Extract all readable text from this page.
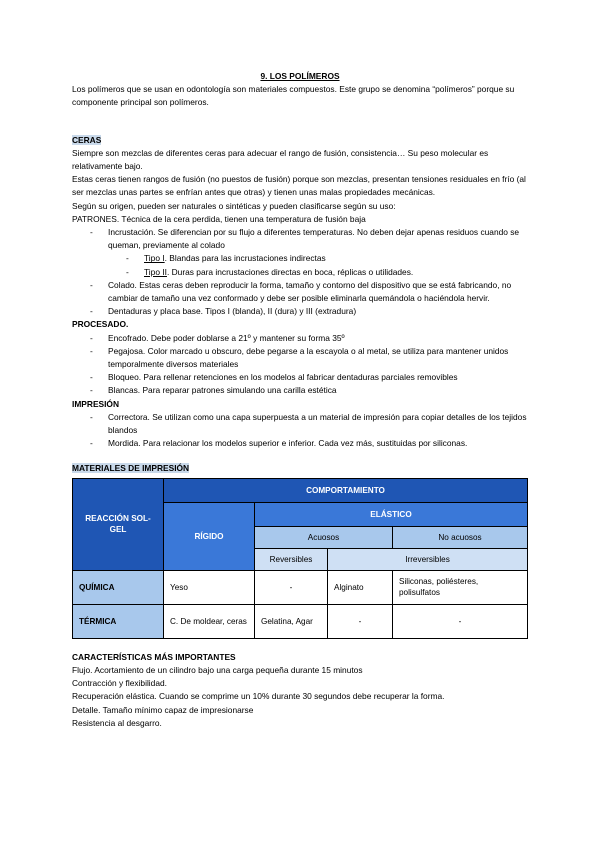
9. LOS POLÍMEROS

Los polímeros que se usan en odontología son materiales compuestos. Este grupo se denomina “polímeros” porque su componente principal son polímeros.

CERAS

Siempre son mezclas de diferentes ceras para adecuar el rango de fusión, consistencia… Su peso molecular es relativamente bajo.

Estas ceras tienen rangos de fusión (no puestos de fusión) porque son mezclas, presentan tensiones residuales en frío (al ser mezclas unas partes se enfrían antes que otras) y tienen unas malas propiedades mecánicas.

Según su origen, pueden ser naturales o sintéticas y pueden clasificarse según su uso:

PATRONES. Técnica de la cera perdida, tienen una temperatura de fusión baja

- Incrustación. Se diferencian por su flujo a diferentes temperaturas. No deben dejar apenas residuos cuando se queman, previamente al colado
- Tipo I. Blandas para las incrustaciones indirectas
- Tipo II. Duras para incrustaciones directas en boca, réplicas o utilidades.
- Colado. Estas ceras deben reproducir la forma, tamaño y contorno del dispositivo que se está fabricando, no cambiar de tamaño una vez conformado y debe ser posible eliminarla quemándola o haciéndola hervir.
- Dentaduras y placa base. Tipos I (blanda), II (dura) y III (extradura)

PROCESADO.

- Encofrado. Debe poder doblarse a 21º y mantener su forma 35º
- Pegajosa. Color marcado u obscuro, debe pegarse a la escayola o al metal, se utiliza para mantener unidos temporalmente diversos materiales
- Bloqueo. Para rellenar retenciones en los modelos al fabricar dentaduras parciales removibles
- Blancas. Para reparar patrones simulando una carilla estética

IMPRESIÓN

- Correctora. Se utilizan como una capa superpuesta a un material de impresión para copiar detalles de los tejidos blandos
- Mordida. Para relacionar los modelos superior e inferior. Cada vez más, sustituidas por siliconas.

MATERIALES DE IMPRESIÓN

REACCIÓN SOL-GEL	COMPORTAMIENTO			
	RÍGIDO	ELÁSTICO		
		Acuosos		No acuosos
		Reversibles	Irreversibles	
QUÍMICA	Yeso	-	Alginato	Siliconas, poliésteres, polisulfatos
TÉRMICA	C. De moldear, ceras	Gelatina, Agar	-	-

CARACTERÍSTICAS MÁS IMPORTANTES

Flujo. Acortamiento de un cilindro bajo una carga pequeña durante 15 minutos

Contracción y flexibilidad.

Recuperación elástica. Cuando se comprime un 10% durante 30 segundos debe recuperar la forma.

Detalle. Tamaño mínimo capaz de impresionarse

Resistencia al desgarro.
